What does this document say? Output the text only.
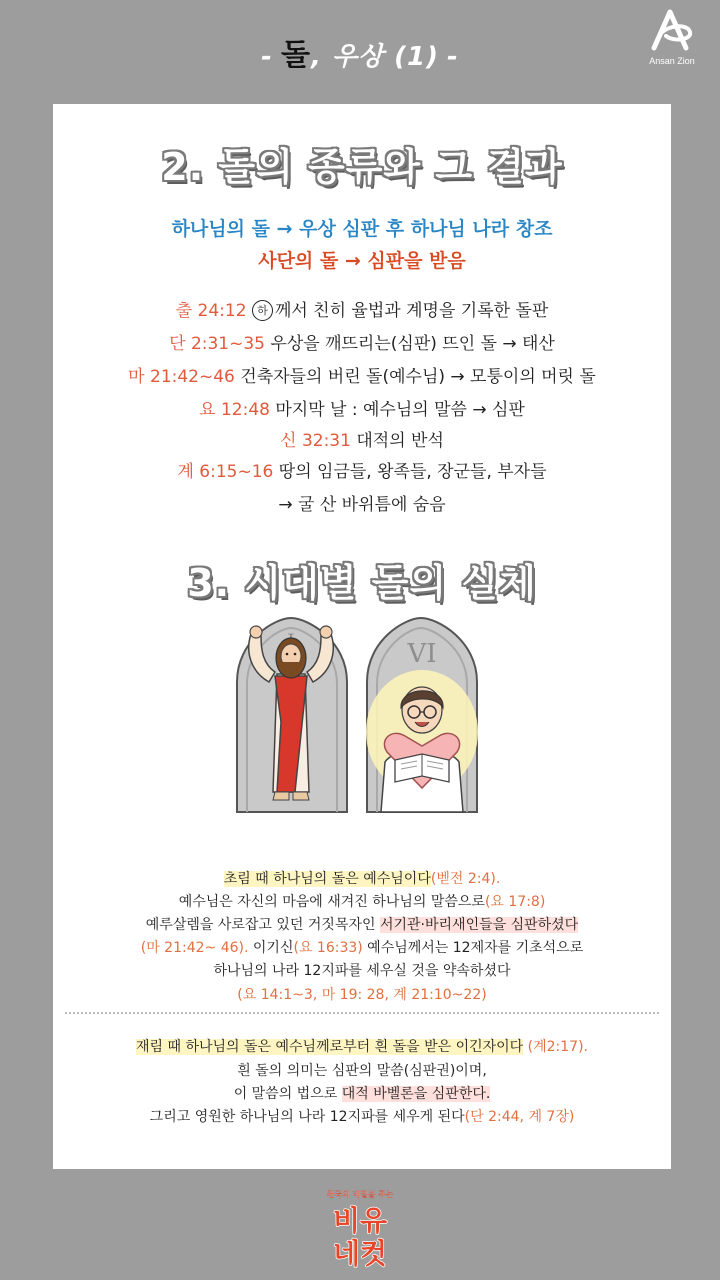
- 돌, 우상 (1) -	Ansan Zion
2. 돌의 종류와 그 결과
하나님의 돌 → 우상 심판 후 하나님 나라 창조
사단의 돌 → 심판을 받음
출 24:12 하 께서 친히 율법과 계명을 기록한 돌판
단 2:31~35 우상을 깨뜨리는(심판) 뜨인 돌 → 태산
마 21:42~46 건축자들의 버린 돌(예수님) → 모퉁이의 머릿 돌
요 12:48 마지막 날 : 예수님의 말씀 → 심판
신 32:31 대적의 반석
계 6:15~16 땅의 임금들, 왕족들, 장군들, 부자들
→ 굴 산 바위틈에 숨음
3. 시대별 돌의 실체
VI
초림 때 하나님의 돌은 예수님이다(벧전 2:4).
예수님은 자신의 마음에 새겨진 하나님의 말씀으로(요 17:8)
예루살렘을 사로잡고 있던 거짓목자인 서기관·바리새인들을 심판하셨다
(마 21:42~ 46). 이기신(요 16:33) 예수님께서는 12제자를 기초석으로
하나님의 나라 12지파를 세우실 것을 약속하셨다
(요 14:1~3, 마 19: 28, 계 21:10~22)
재림 때 하나님의 돌은 예수님께로부터 흰 돌을 받은 이긴자이다 (계2:17).
흰 돌의 의미는 심판의 말씀(심판권)이며,
이 말씀의 법으로 대적 바벨론을 심판한다.
그리고 영원한 하나님의 나라 12지파를 세우게 된다(단 2:44, 계 7장)
천국의 비밀을 푸는
비유
네컷
